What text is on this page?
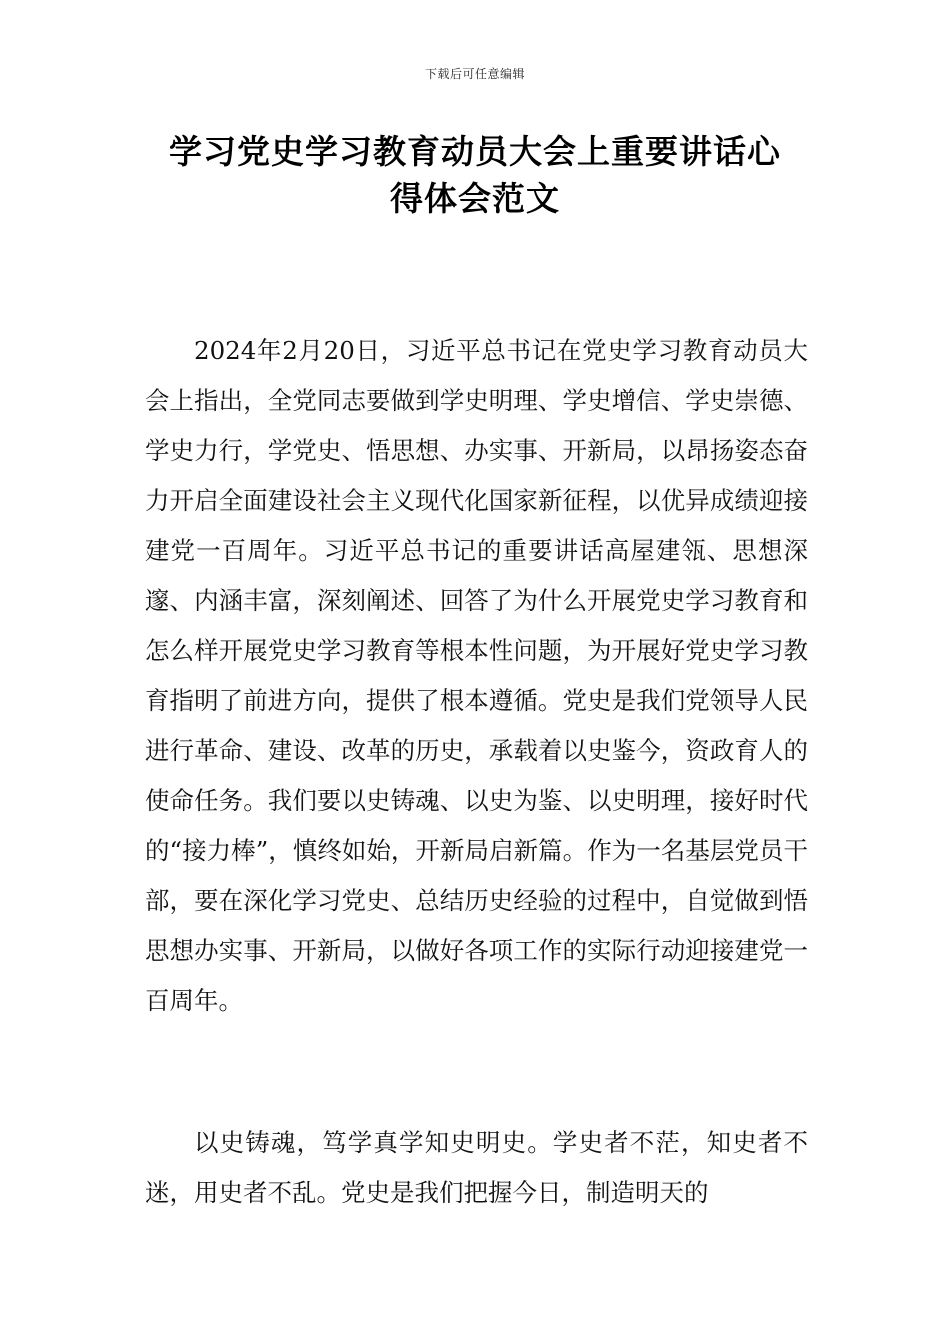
下载后可任意编辑
学习党史学习教育动员大会上重要讲话心
得体会范文

2024年2月20日，习近平总书记在党史学习教育动员大会上指出，全党同志要做到学史明理、学史增信、学史崇德、学史力行，学党史、悟思想、办实事、开新局，以昂扬姿态奋力开启全面建设社会主义现代化国家新征程，以优异成绩迎接建党一百周年。习近平总书记的重要讲话高屋建瓴、思想深邃、内涵丰富，深刻阐述、回答了为什么开展党史学习教育和怎么样开展党史学习教育等根本性问题，为开展好党史学习教育指明了前进方向，提供了根本遵循。党史是我们党领导人民进行革命、建设、改革的历史，承载着以史鉴今，资政育人的使命任务。我们要以史铸魂、以史为鉴、以史明理，接好时代的“接力棒”，慎终如始，开新局启新篇。作为一名基层党员干部，要在深化学习党史、总结历史经验的过程中，自觉做到悟思想办实事、开新局，以做好各项工作的实际行动迎接建党一百周年。

以史铸魂，笃学真学知史明史。学史者不茫，知史者不迷，用史者不乱。党史是我们把握今日，制造明天的
